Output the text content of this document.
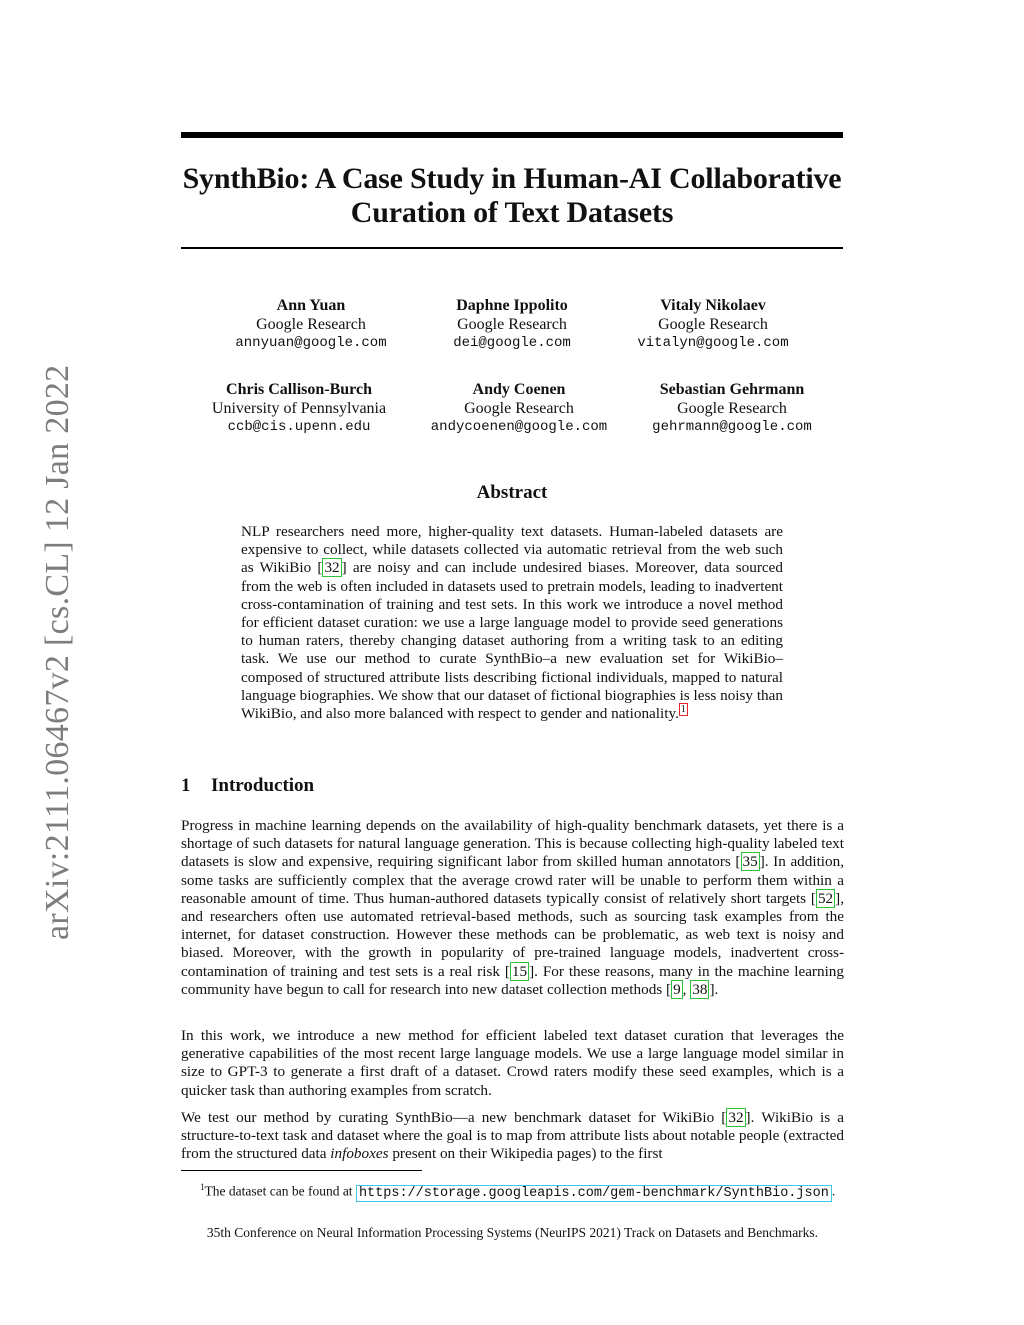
arXiv:2111.06467v2 [cs.CL] 12 Jan 2022
SynthBio: A Case Study in Human-AI Collaborative
Curation of Text Datasets
Ann Yuan
Google Research
annyuan@google.com
Daphne Ippolito
Google Research
dei@google.com
Vitaly Nikolaev
Google Research
vitalyn@google.com
Chris Callison-Burch
University of Pennsylvania
ccb@cis.upenn.edu
Andy Coenen
Google Research
andycoenen@google.com
Sebastian Gehrmann
Google Research
gehrmann@google.com
Abstract
NLP researchers need more, higher-quality text datasets. Human-labeled datasets are expensive to collect, while datasets collected via automatic retrieval from the web such as WikiBio [ 32 ] are noisy and can include undesired biases. Moreover, data sourced from the web is often included in datasets used to pretrain models, leading to inadvertent cross-contamination of training and test sets. In this work we introduce a novel method for efficient dataset curation: we use a large language model to provide seed generations to human raters, thereby changing dataset authoring from a writing task to an editing task. We use our method to curate SynthBio–a new evaluation set for WikiBio– composed of structured attribute lists describing fictional individuals, mapped to natural language biographies. We show that our dataset of fictional biographies is less noisy than WikiBio, and also more balanced with respect to gender and nationality. $^1$
1 Introduction
Progress in machine learning depends on the availability of high-quality benchmark datasets, yet there is a shortage of such datasets for natural language generation. This is because collecting high-quality labeled text datasets is slow and expensive, requiring significant labor from skilled human annotators [ 35 ]. In addition, some tasks are sufficiently complex that the average crowd rater will be unable to perform them within a reasonable amount of time. Thus human-authored datasets typically consist of relatively short targets [ 52 ], and researchers often use automated retrieval-based methods, such as sourcing task examples from the internet, for dataset construction. However these methods can be problematic, as web text is noisy and biased. Moreover, with the growth in popularity of pre-trained language models, inadvertent cross-contamination of training and test sets is a real risk [ 15 ]. For these reasons, many in the machine learning community have begun to call for research into new dataset collection methods [ 9 , 38 ].
In this work, we introduce a new method for efficient labeled text dataset curation that leverages the generative capabilities of the most recent large language models. We use a large language model similar in size to GPT-3 to generate a first draft of a dataset. Crowd raters modify these seed examples, which is a quicker task than authoring examples from scratch.
We test our method by curating SynthBio—a new benchmark dataset for WikiBio [ 32 ]. WikiBio is a structure-to-text task and dataset where the goal is to map from attribute lists about notable people (extracted from the structured data infoboxes present on their Wikipedia pages) to the first
$^1$The dataset can be found at https://storage.googleapis.com/gem-benchmark/SynthBio.json .
35th Conference on Neural Information Processing Systems (NeurIPS 2021) Track on Datasets and Benchmarks.
